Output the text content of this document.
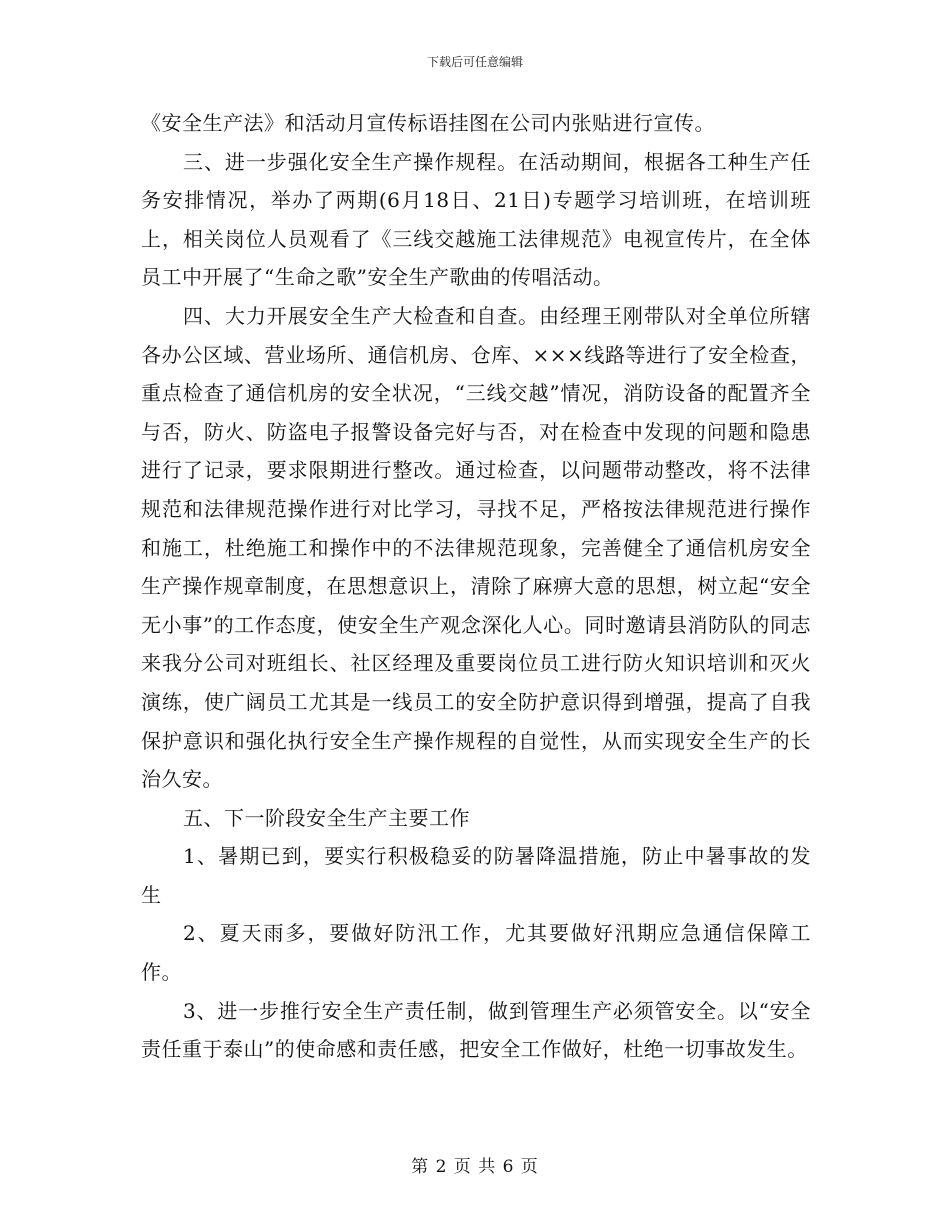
下载后可任意编辑

《安全生产法》和活动月宣传标语挂图在公司内张贴进行宣传。

三、进一步强化安全生产操作规程。在活动期间，根据各工种生产任务安排情况，举办了两期(6月18日、21日)专题学习培训班，在培训班上，相关岗位人员观看了《三线交越施工法律规范》电视宣传片，在全体员工中开展了“生命之歌”安全生产歌曲的传唱活动。

四、大力开展安全生产大检查和自查。由经理王刚带队对全单位所辖各办公区域、营业场所、通信机房、仓库、×××线路等进行了安全检查，重点检查了通信机房的安全状况，“三线交越”情况，消防设备的配置齐全与否，防火、防盗电子报警设备完好与否，对在检查中发现的问题和隐患进行了记录，要求限期进行整改。通过检查，以问题带动整改，将不法律规范和法律规范操作进行对比学习，寻找不足，严格按法律规范进行操作和施工，杜绝施工和操作中的不法律规范现象，完善健全了通信机房安全生产操作规章制度，在思想意识上，清除了麻痹大意的思想，树立起“安全无小事”的工作态度，使安全生产观念深化人心。同时邀请县消防队的同志来我分公司对班组长、社区经理及重要岗位员工进行防火知识培训和灭火演练，使广阔员工尤其是一线员工的安全防护意识得到增强，提高了自我保护意识和强化执行安全生产操作规程的自觉性，从而实现安全生产的长治久安。

五、下一阶段安全生产主要工作

1、暑期已到，要实行积极稳妥的防暑降温措施，防止中暑事故的发生

2、夏天雨多，要做好防汛工作，尤其要做好汛期应急通信保障工作。

3、进一步推行安全生产责任制，做到管理生产必须管安全。以“安全责任重于泰山”的使命感和责任感，把安全工作做好，杜绝一切事故发生。

第 2 页 共 6 页
